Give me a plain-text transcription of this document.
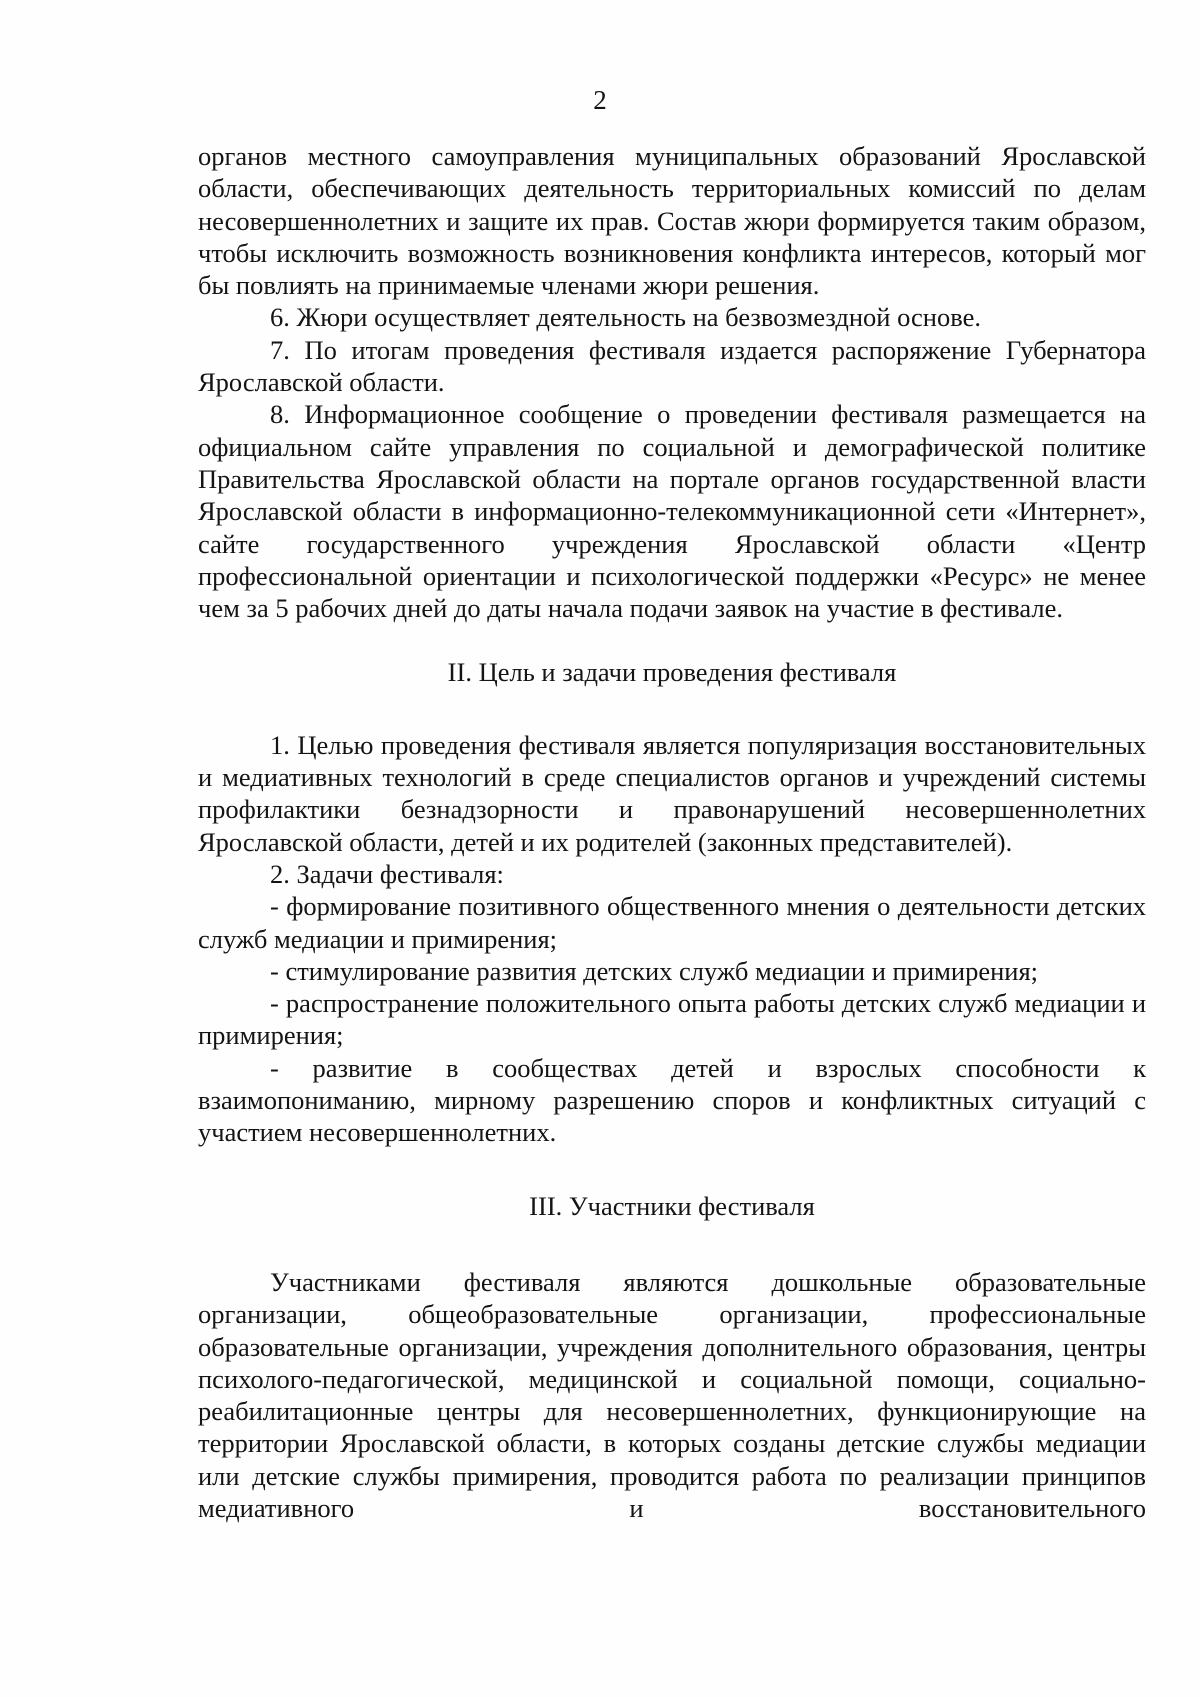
2

органов местного самоуправления муниципальных образований Ярославской области, обеспечивающих деятельность территориальных комиссий по делам несовершеннолетних и защите их прав. Состав жюри формируется таким образом, чтобы исключить возможность возникновения конфликта интересов, который мог бы повлиять на принимаемые членами жюри решения.

6. Жюри осуществляет деятельность на безвозмездной основе.

7. По итогам проведения фестиваля издается распоряжение Губернатора Ярославской области.

8. Информационное сообщение о проведении фестиваля размещается на официальном сайте управления по социальной и демографической политике Правительства Ярославской области на портале органов государственной власти Ярославской области в информационно-телекоммуникационной сети «Интернет», сайте государственного учреждения Ярославской области «Центр профессиональной ориентации и психологической поддержки «Ресурс» не менее чем за 5 рабочих дней до даты начала подачи заявок на участие в фестивале.

II. Цель и задачи проведения фестиваля

1. Целью проведения фестиваля является популяризация восстановительных и медиативных технологий в среде специалистов органов и учреждений системы профилактики безнадзорности и правонарушений несовершеннолетних Ярославской области, детей и их родителей (законных представителей).

2. Задачи фестиваля:

- формирование позитивного общественного мнения о деятельности детских служб медиации и примирения;

- стимулирование развития детских служб медиации и примирения;

- распространение положительного опыта работы детских служб медиации и примирения;

- развитие в сообществах детей и взрослых способности к взаимопониманию, мирному разрешению споров и конфликтных ситуаций с участием несовершеннолетних.

III. Участники фестиваля

Участниками фестиваля являются дошкольные образовательные организации, общеобразовательные организации, профессиональные образовательные организации, учреждения дополнительного образования, центры психолого-педагогической, медицинской и социальной помощи, социально-реабилитационные центры для несовершеннолетних, функционирующие на территории Ярославской области, в которых созданы детские службы медиации или детские службы примирения, проводится работа по реализации принципов медиативного и восстановительного
